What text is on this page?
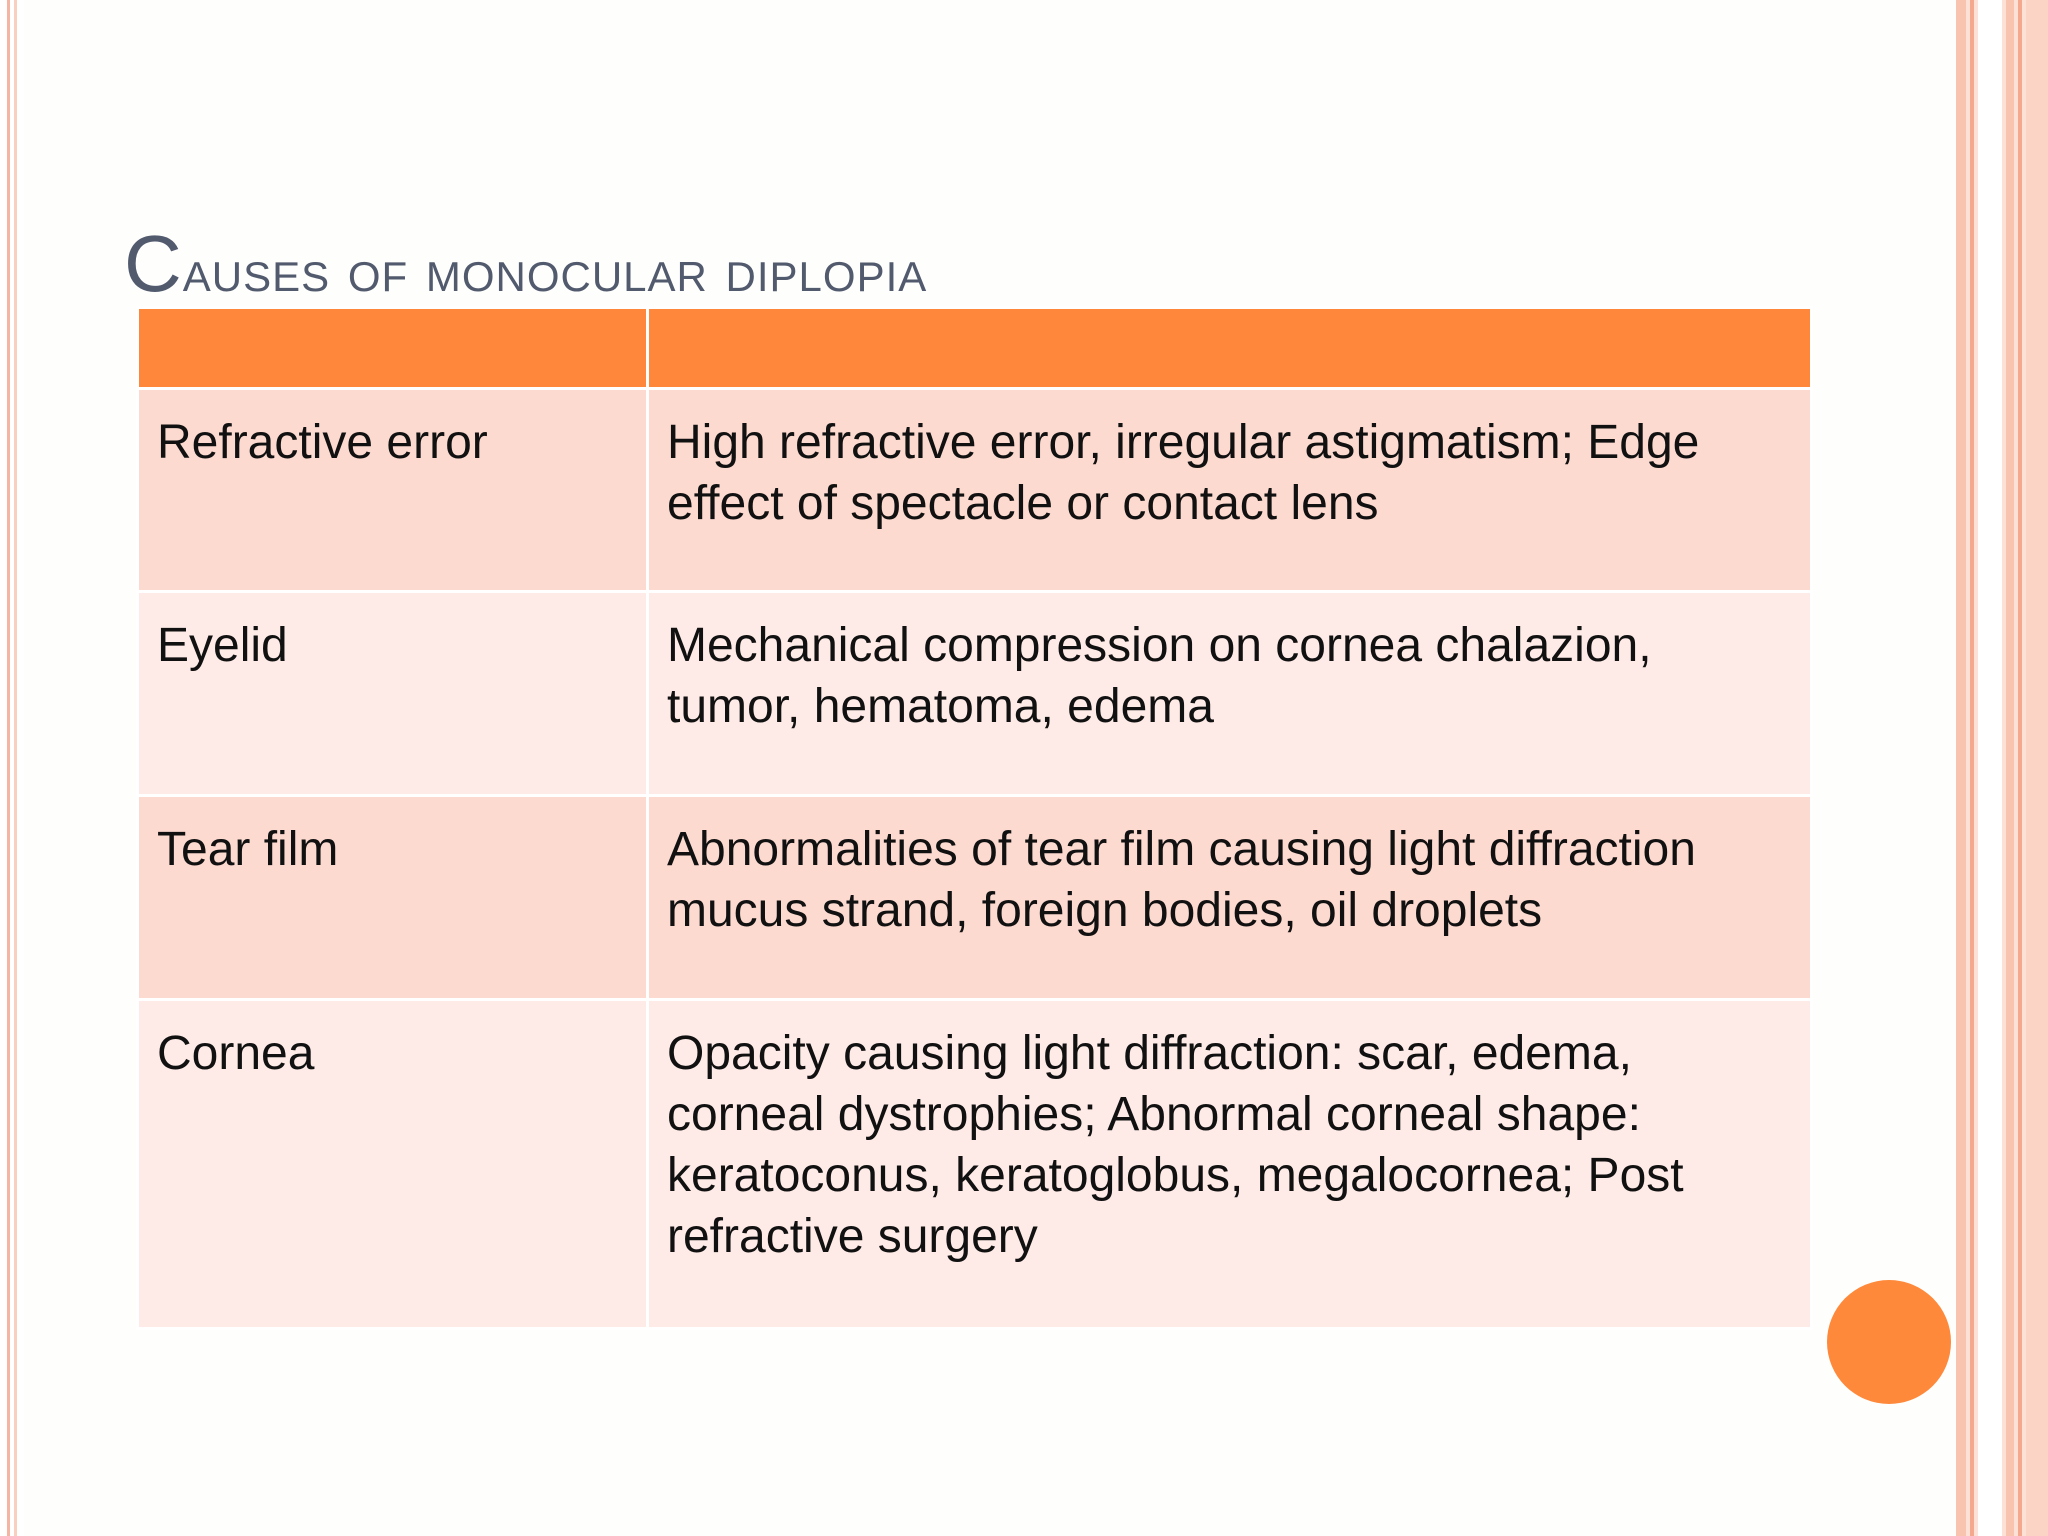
Causes of monocular diplopia

Refractive error	High refractive error, irregular astigmatism; Edge effect of spectacle or contact lens

Eyelid	Mechanical compression on cornea chalazion, tumor, hematoma, edema

Tear film	Abnormalities of tear film causing light diffraction mucus strand, foreign bodies, oil droplets

Cornea	Opacity causing light diffraction: scar, edema, corneal dystrophies; Abnormal corneal shape: keratoconus, keratoglobus, megalocornea; Post refractive surgery
